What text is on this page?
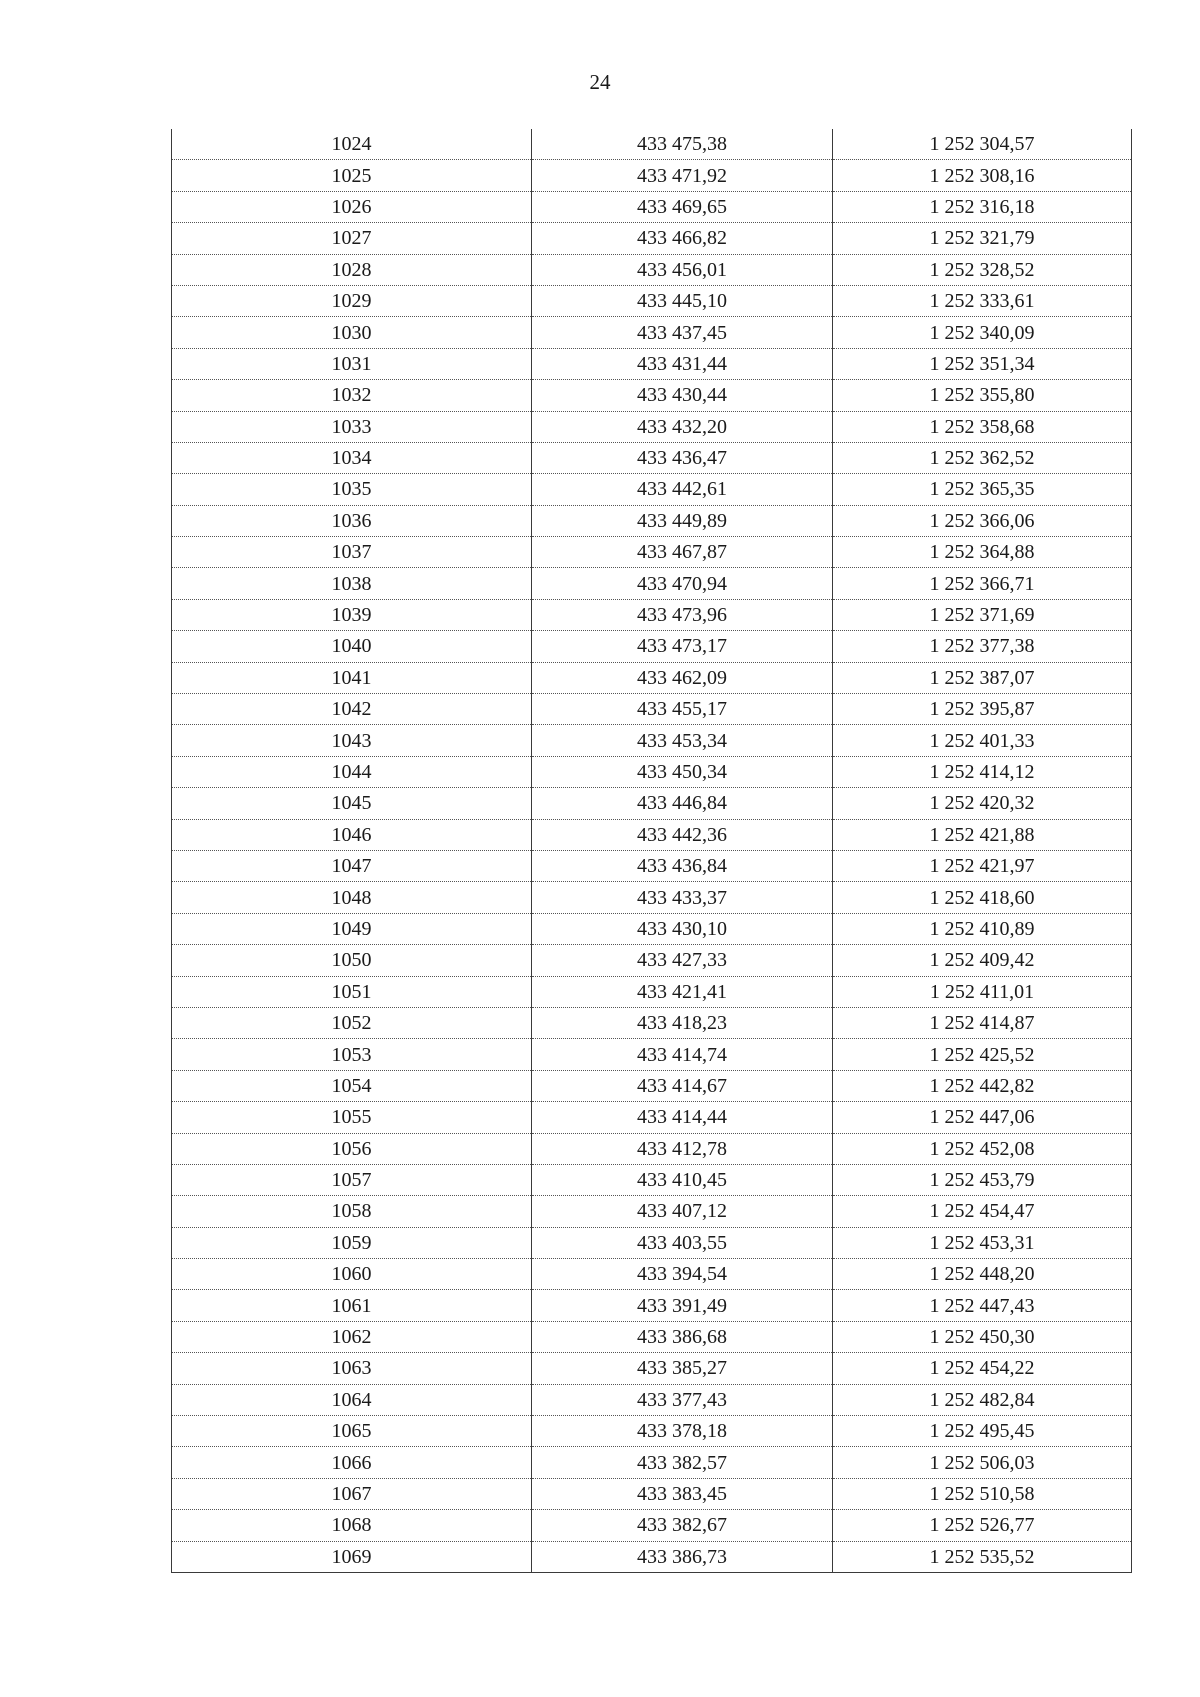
24
1024	433 475,38	1 252 304,57
1025	433 471,92	1 252 308,16
1026	433 469,65	1 252 316,18
1027	433 466,82	1 252 321,79
1028	433 456,01	1 252 328,52
1029	433 445,10	1 252 333,61
1030	433 437,45	1 252 340,09
1031	433 431,44	1 252 351,34
1032	433 430,44	1 252 355,80
1033	433 432,20	1 252 358,68
1034	433 436,47	1 252 362,52
1035	433 442,61	1 252 365,35
1036	433 449,89	1 252 366,06
1037	433 467,87	1 252 364,88
1038	433 470,94	1 252 366,71
1039	433 473,96	1 252 371,69
1040	433 473,17	1 252 377,38
1041	433 462,09	1 252 387,07
1042	433 455,17	1 252 395,87
1043	433 453,34	1 252 401,33
1044	433 450,34	1 252 414,12
1045	433 446,84	1 252 420,32
1046	433 442,36	1 252 421,88
1047	433 436,84	1 252 421,97
1048	433 433,37	1 252 418,60
1049	433 430,10	1 252 410,89
1050	433 427,33	1 252 409,42
1051	433 421,41	1 252 411,01
1052	433 418,23	1 252 414,87
1053	433 414,74	1 252 425,52
1054	433 414,67	1 252 442,82
1055	433 414,44	1 252 447,06
1056	433 412,78	1 252 452,08
1057	433 410,45	1 252 453,79
1058	433 407,12	1 252 454,47
1059	433 403,55	1 252 453,31
1060	433 394,54	1 252 448,20
1061	433 391,49	1 252 447,43
1062	433 386,68	1 252 450,30
1063	433 385,27	1 252 454,22
1064	433 377,43	1 252 482,84
1065	433 378,18	1 252 495,45
1066	433 382,57	1 252 506,03
1067	433 383,45	1 252 510,58
1068	433 382,67	1 252 526,77
1069	433 386,73	1 252 535,52
